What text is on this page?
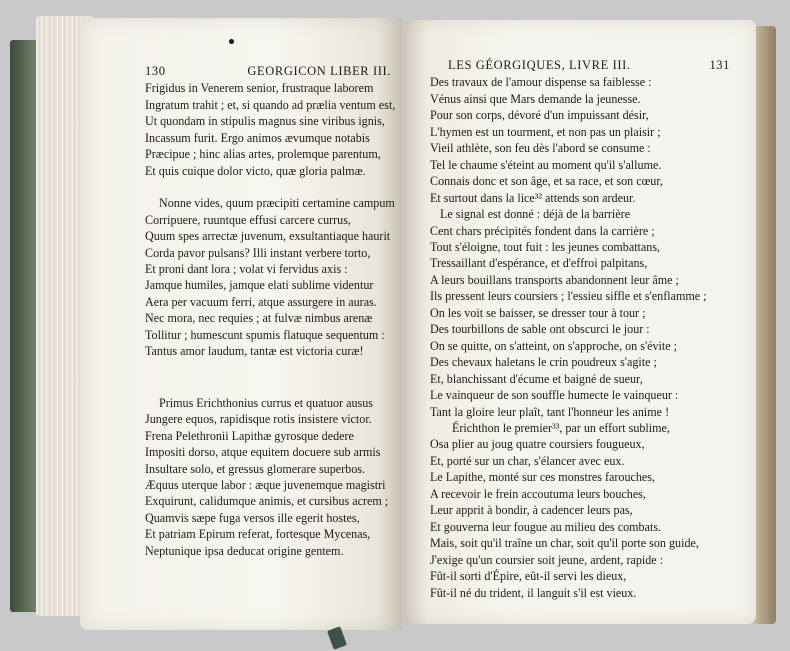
130	GEORGICON LIBER III.
Frigidus in Venerem senior, frustraque laborem
Ingratum trahit ; et, si quando ad prælia ventum est,
Ut quondam in stipulis magnus sine viribus ignis,
Incassum furit. Ergo animos ævumque notabis
Præcipue ; hinc alias artes, prolemque parentum,
Et quis cuique dolor victo, quæ gloria palmæ.
Nonne vides, quum præcipiti certamine campum
Corripuere, ruuntque effusi carcere currus,
Quum spes arrectæ juvenum, exsultantiaque haurit
Corda pavor pulsans? Illi instant verbere torto,
Et proni dant lora ; volat vi fervidus axis :
Jamque humiles, jamque elati sublime videntur
Aera per vacuum ferri, atque assurgere in auras.
Nec mora, nec requies ; at fulvæ nimbus arenæ
Tollitur ; humescunt spumis flatuque sequentum :
Tantus amor laudum, tantæ est victoria curæ!
Primus Erichthonius currus et quatuor ausus
Jungere equos, rapidisque rotis insistere victor.
Frena Pelethronii Lapithæ gyrosque dedere
Impositi dorso, atque equitem docuere sub armis
Insultare solo, et gressus glomerare superbos.
Æquus uterque labor : æque juvenemque magistri
Exquirunt, calidumque animis, et cursibus acrem ;
Quamvis sæpe fuga versos ille egerit hostes,
Et patriam Epirum referat, fortesque Mycenas,
Neptunique ipsa deducat origine gentem.
LES GÉORGIQUES, LIVRE III.	131
Des travaux de l'amour dispense sa faiblesse :
Vénus ainsi que Mars demande la jeunesse.
Pour son corps, dévoré d'un impuissant désir,
L'hymen est un tourment, et non pas un plaisir ;
Vieil athlète, son feu dès l'abord se consume :
Tel le chaume s'éteint au moment qu'il s'allume.
Connais donc et son âge, et sa race, et son cœur,
Et surtout dans la lice³² attends son ardeur.
Le signal est donné : déjà de la barrière
Cent chars précipités fondent dans la carrière ;
Tout s'éloigne, tout fuit : les jeunes combattans,
Tressaillant d'espérance, et d'effroi palpitans,
A leurs bouillans transports abandonnent leur âme ;
Ils pressent leurs coursiers ; l'essieu siffle et s'enflamme ;
On les voit se baisser, se dresser tour à tour ;
Des tourbillons de sable ont obscurci le jour :
On se quitte, on s'atteint, on s'approche, on s'évite ;
Des chevaux haletans le crin poudreux s'agite ;
Et, blanchissant d'écume et baigné de sueur,
Le vainqueur de son souffle humecte le vainqueur :
Tant la gloire leur plaît, tant l'honneur les anime !
Érichthon le premier³³, par un effort sublime,
Osa plier au joug quatre coursiers fougueux,
Et, porté sur un char, s'élancer avec eux.
Le Lapithe, monté sur ces monstres farouches,
A recevoir le frein accoutuma leurs bouches,
Leur apprit à bondir, à cadencer leurs pas,
Et gouverna leur fougue au milieu des combats.
Mais, soit qu'il traîne un char, soit qu'il porte son guide,
J'exige qu'un coursier soit jeune, ardent, rapide :
Fût-il sorti d'Épire, eût-il servi les dieux,
Fût-il né du trident, il languit s'il est vieux.
